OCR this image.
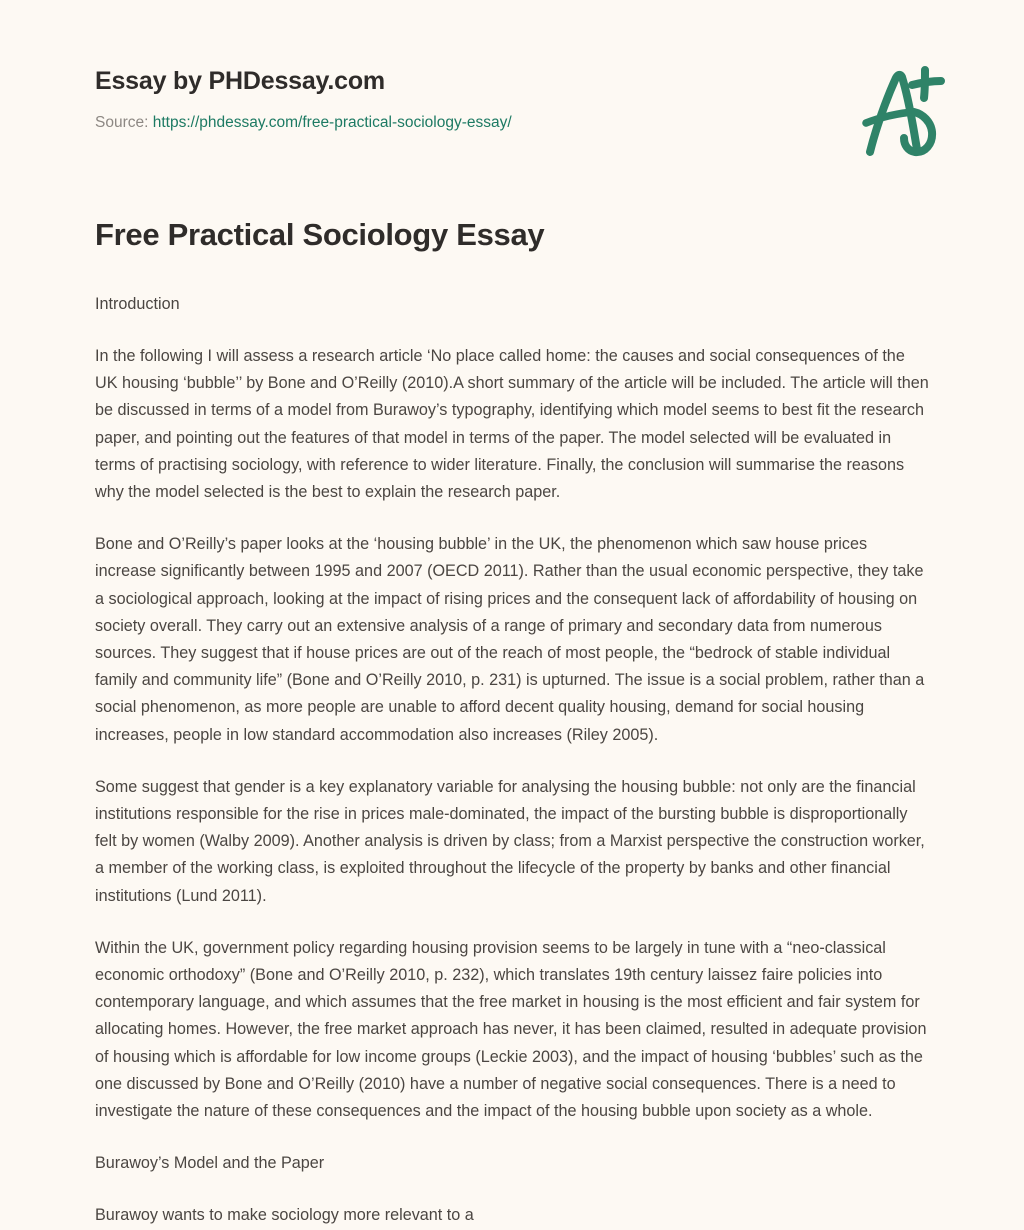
Essay by PHDessay.com
Source: https://phdessay.com/free-practical-sociology-essay/
Free Practical Sociology Essay

Introduction

In the following I will assess a research article ‘No place called home: the causes and social consequences of the UK housing ‘bubble’’ by Bone and O’Reilly (2010).A short summary of the article will be included. The article will then be discussed in terms of a model from Burawoy’s typography, identifying which model seems to best fit the research paper, and pointing out the features of that model in terms of the paper. The model selected will be evaluated in terms of practising sociology, with reference to wider literature. Finally, the conclusion will summarise the reasons why the model selected is the best to explain the research paper.

Bone and O’Reilly’s paper looks at the ‘housing bubble’ in the UK, the phenomenon which saw house prices increase significantly between 1995 and 2007 (OECD 2011). Rather than the usual economic perspective, they take a sociological approach, looking at the impact of rising prices and the consequent lack of affordability of housing on society overall. They carry out an extensive analysis of a range of primary and secondary data from numerous sources. They suggest that if house prices are out of the reach of most people, the “bedrock of stable individual family and community life” (Bone and O’Reilly 2010, p. 231) is upturned. The issue is a social problem, rather than a social phenomenon, as more people are unable to afford decent quality housing, demand for social housing increases, people in low standard accommodation also increases (Riley 2005).

Some suggest that gender is a key explanatory variable for analysing the housing bubble: not only are the financial institutions responsible for the rise in prices male-dominated, the impact of the bursting bubble is disproportionally felt by women (Walby 2009). Another analysis is driven by class; from a Marxist perspective the construction worker, a member of the working class, is exploited throughout the lifecycle of the property by banks and other financial institutions (Lund 2011).

Within the UK, government policy regarding housing provision seems to be largely in tune with a “neo-classical economic orthodoxy” (Bone and O’Reilly 2010, p. 232), which translates 19th century laissez faire policies into contemporary language, and which assumes that the free market in housing is the most efficient and fair system for allocating homes. However, the free market approach has never, it has been claimed, resulted in adequate provision of housing which is affordable for low income groups (Leckie 2003), and the impact of housing ‘bubbles’ such as the one discussed by Bone and O’Reilly (2010) have a number of negative social consequences. There is a need to investigate the nature of these consequences and the impact of the housing bubble upon society as a whole.

Burawoy’s Model and the Paper

Burawoy wants to make sociology more relevant to a
